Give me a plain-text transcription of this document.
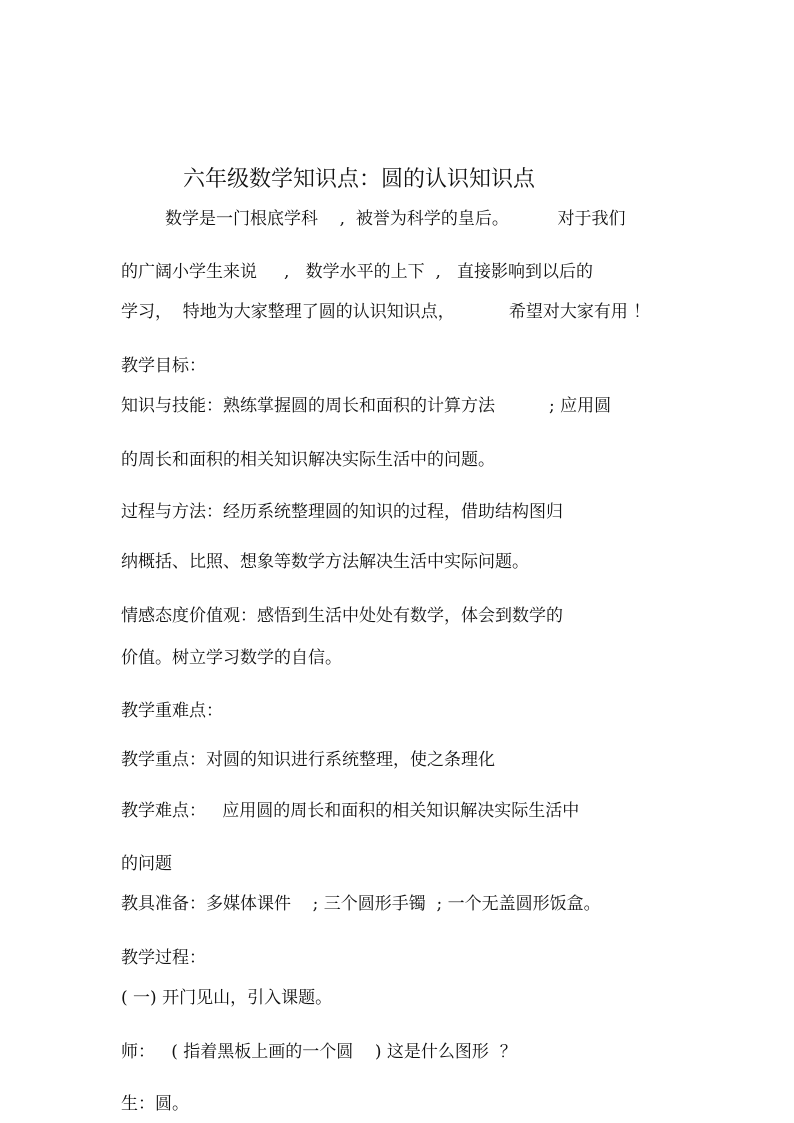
六年级数学知识点：圆的认识知识点
数学是一门根底学科    ,  被誉为科学的皇后。         对于我们
的广阔小学生来说     ,   数学水平的上下  ,   直接影响到以后的
学习，  特地为大家整理了圆的认识知识点，          希望对大家有用 ！
教学目标：
知识与技能：熟练掌握圆的周长和面积的计算方法          ; 应用圆
的周长和面积的相关知识解决实际生活中的问题。
过程与方法：经历系统整理圆的知识的过程，借助结构图归
纳概括、比照、想象等数学方法解决生活中实际问题。
情感态度价值观：感悟到生活中处处有数学，体会到数学的
价值。树立学习数学的自信。
教学重难点：
教学重点：对圆的知识进行系统整理，使之条理化
教学难点：   应用圆的周长和面积的相关知识解决实际生活中
的问题
教具准备：多媒体课件    ; 三个圆形手镯  ; 一个无盖圆形饭盒。
教学过程：
( 一) 开门见山，引入课题。
师：   ( 指着黑板上画的一个圆    ) 这是什么图形  ？
生：圆。
